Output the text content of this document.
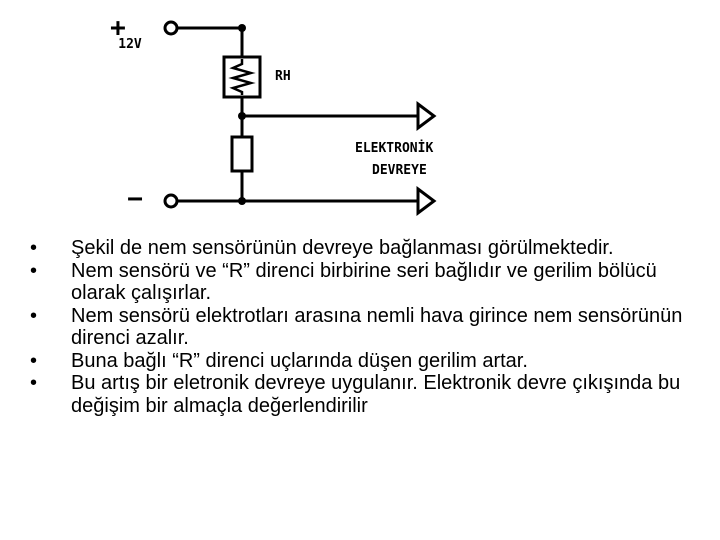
+
12V
−
RH
ELEKTRONİK
DEVREYE
• Şekil de nem sensörünün devreye bağlanması görülmektedir.
• Nem sensörü ve “R” direnci birbirine seri bağlıdır ve gerilim bölücü olarak çalışırlar.
• Nem sensörü elektrotları arasına nemli hava girince nem sensörünün direnci azalır.
• Buna bağlı “R” direnci uçlarında düşen gerilim artar.
• Bu artış bir eletronik devreye uygulanır. Elektronik devre çıkışında bu değişim bir almaçla değerlendirilir
